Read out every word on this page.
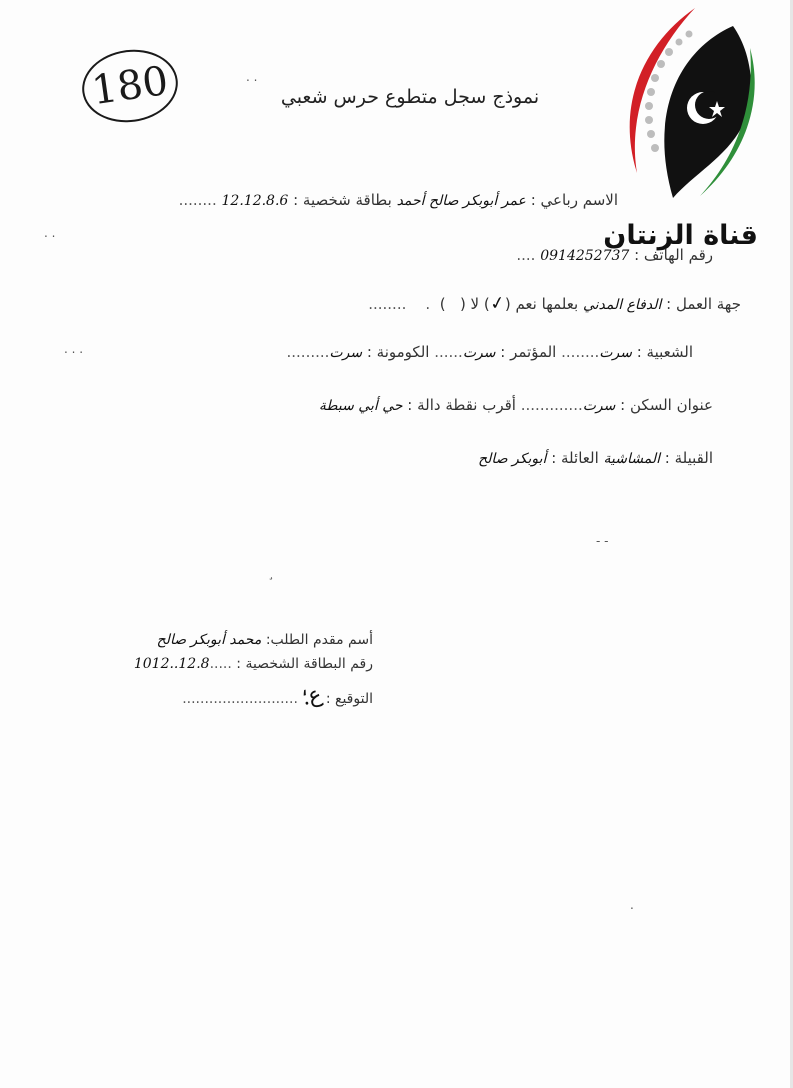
180	نموذج سجل متطوع حرس شعبي
قناة الزنتان
الاسم رباعي : عمر أبوبكر صالح أحمد بطاقة شخصية : 12.12.8.6 ........
رقم الهاتف : 0914252737 ....
جهة العمل : الدفاع المدني بعلمها نعم (✓) لا (   )  .    ........
الشعبية : سرت........ المؤتمر : سرت...... الكومونة : سرت.........
عنوان السكن : سرت............. أقرب نقطة دالة : حي أبي سبطة
القبيلة : المشاشية العائلة : أبوبكر صالح
أسم مقدم الطلب: محمد أبوبكر صالح
رقم البطاقة الشخصية : .....12.8..1012
التوقيع : ع⸵ ..........................
. .
. .
. . .
- -
¸
.
